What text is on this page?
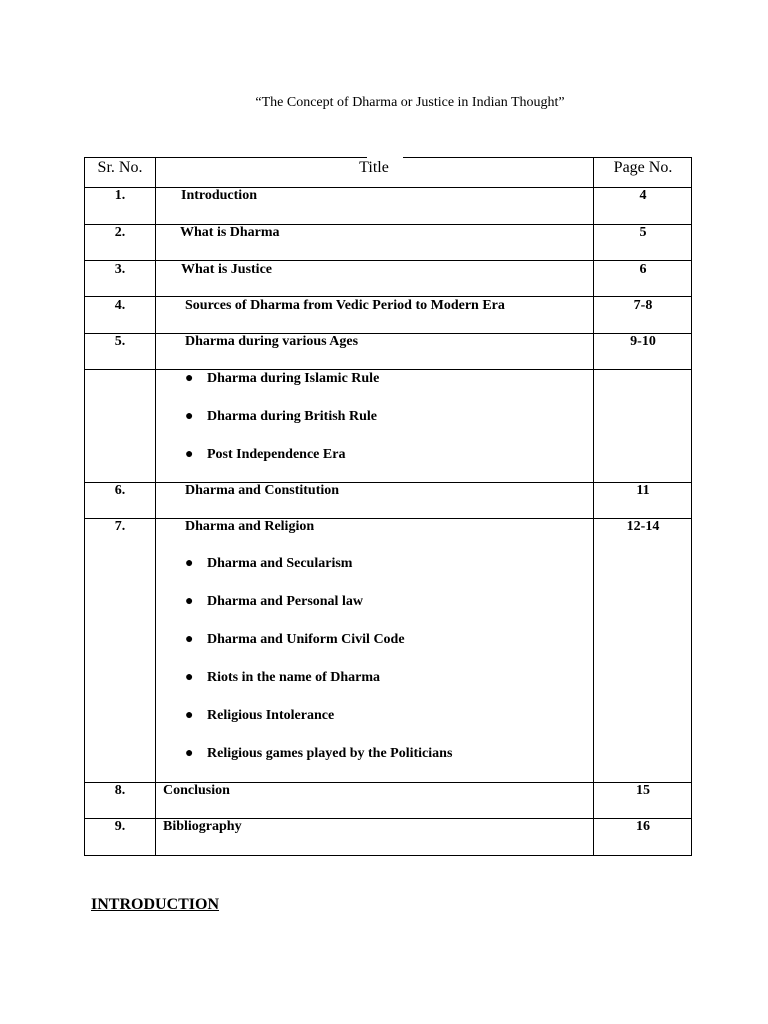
“The Concept of Dharma or Justice in Indian Thought”
Sr. No.	Title	Page No.
1.	Introduction	4
2.	What is Dharma	5
3.	What is Justice	6
4.	Sources of Dharma from Vedic Period to Modern Era	7-8
5.	Dharma during various Ages	9-10
● Dharma during Islamic Rule
● Dharma during British Rule
● Post Independence Era
6.	Dharma and Constitution	11
7.	Dharma and Religion	12-14
● Dharma and Secularism
● Dharma and Personal law
● Dharma and Uniform Civil Code
● Riots in the name of Dharma
● Religious Intolerance
● Religious games played by the Politicians
8.	Conclusion	15
9.	Bibliography	16
INTRODUCTION
